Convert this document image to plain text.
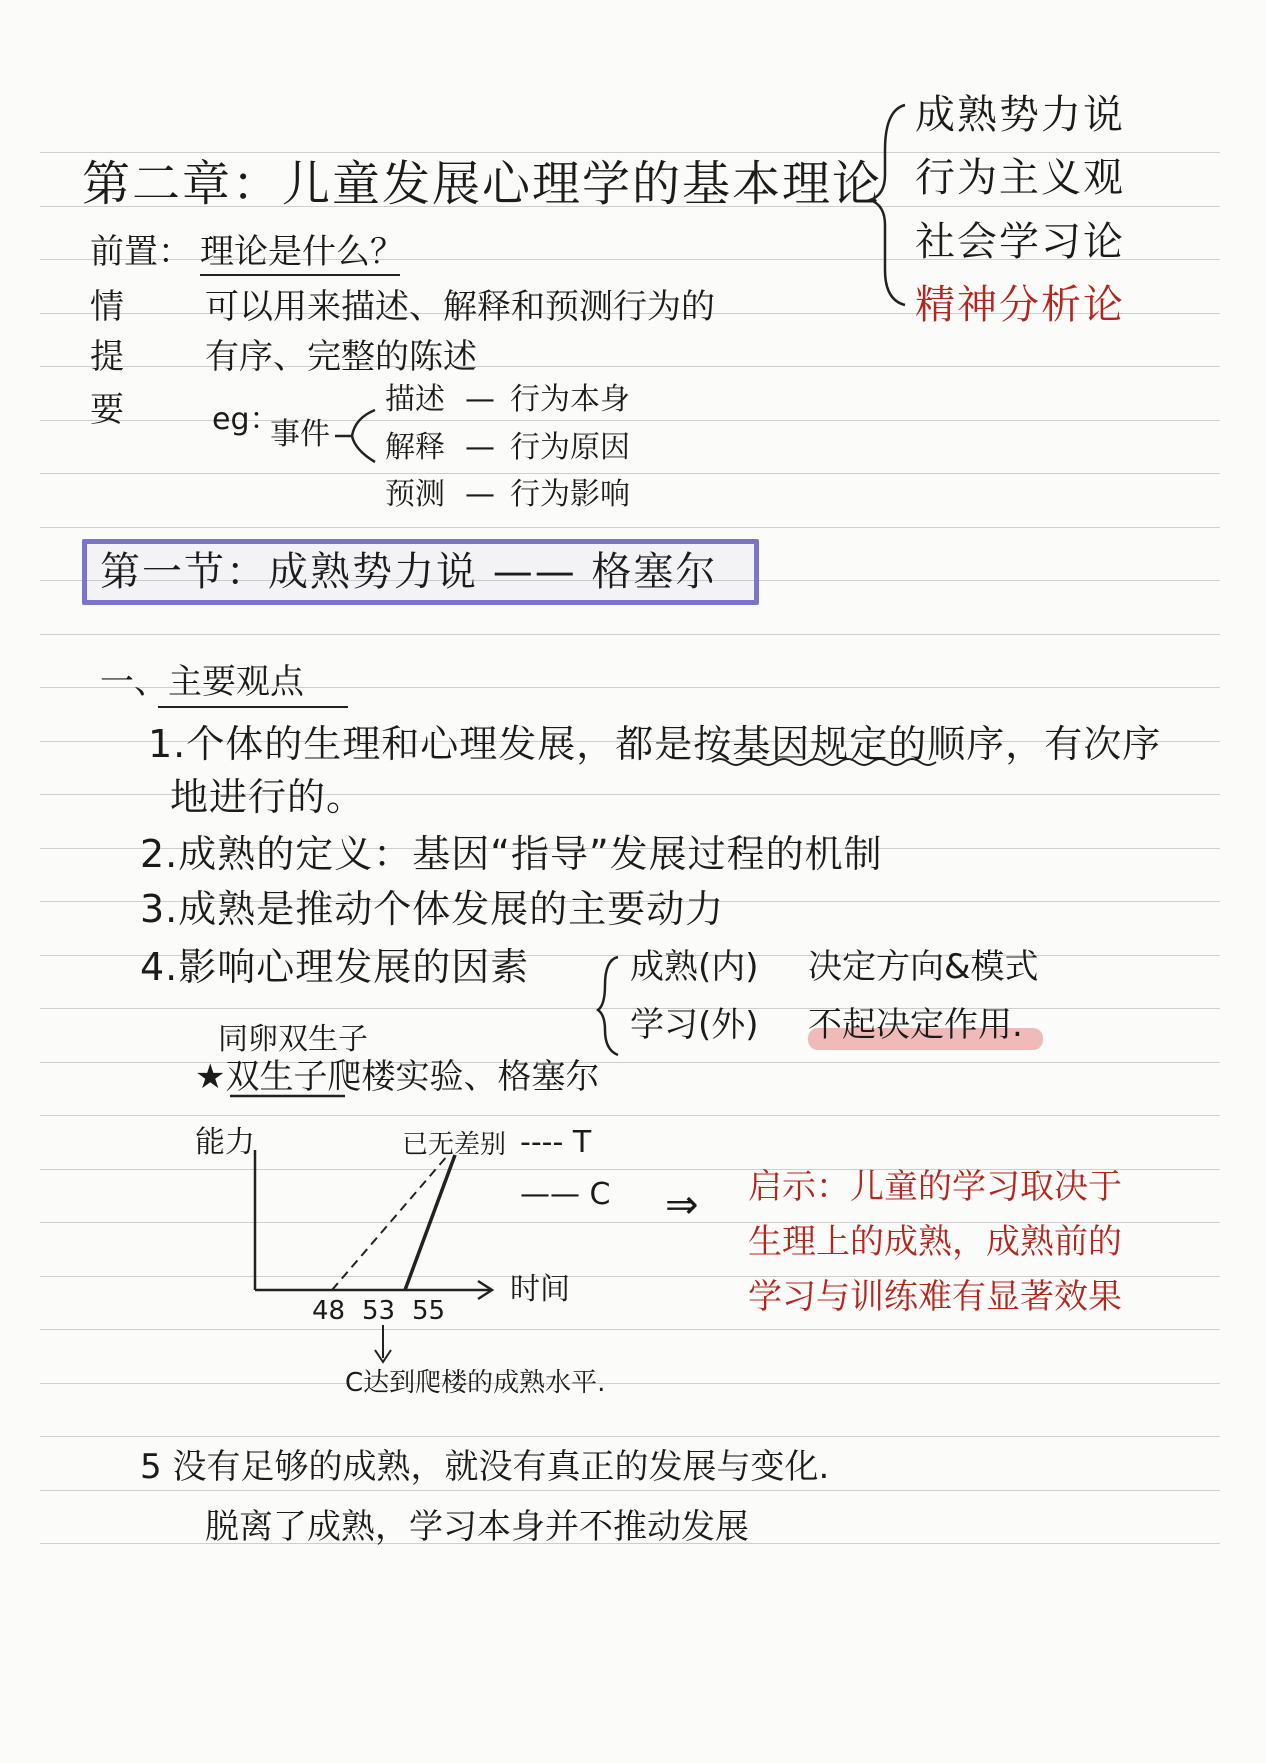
第二章：儿童发展心理学的基本理论
成熟势力说
行为主义观
社会学习论
精神分析论
前置： 理论是什么？
情 可以用来描述、解释和预测行为的
提 有序、完整的陈述
要	eg：
事件
描述 — 行为本身
解释 — 行为原因
预测 — 行为影响
第一节：成熟势力说 —— 格塞尔
一、主要观点
1.个体的生理和心理发展，都是按基因规定的顺序，有次序
地进行的。
2.成熟的定义：基因“指导”发展过程的机制
3.成熟是推动个体发展的主要动力
4.影响心理发展的因素	成熟(内) 决定方向&模式
学习(外) 不起决定作用.
同卵双生子
★双生子爬楼实验、格塞尔
能力	已无差别 ---- T
—— C
48 53 55
时间
C达到爬楼的成熟水平.
⇒ 启示：儿童的学习取决于
生理上的成熟，成熟前的
学习与训练难有显著效果
5 没有足够的成熟，就没有真正的发展与变化.
脱离了成熟，学习本身并不推动发展
